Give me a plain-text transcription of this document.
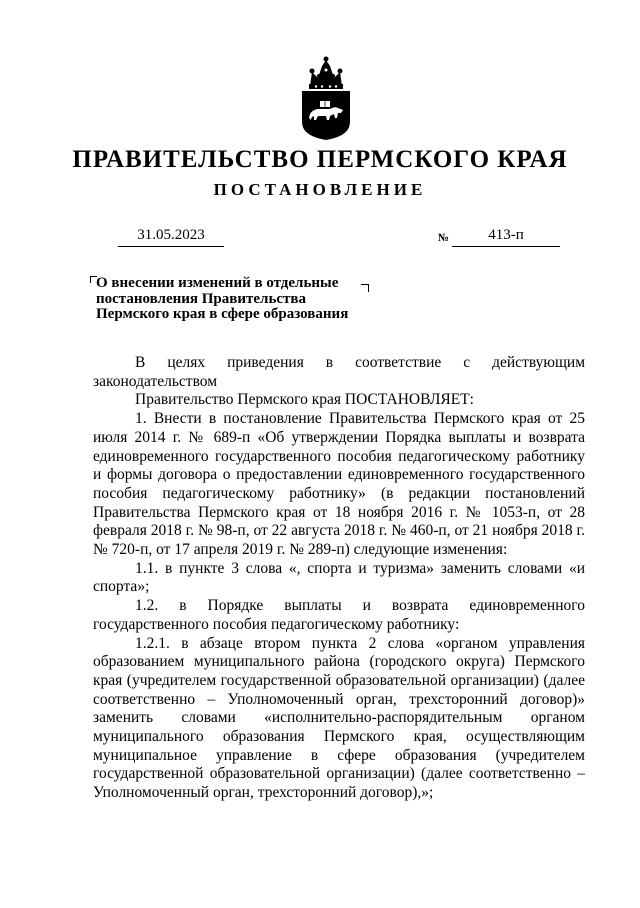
ПРАВИТЕЛЬСТВО ПЕРМСКОГО КРАЯ
ПОСТАНОВЛЕНИЕ
31.05.2023	№	413-п
О внесении изменений в отдельные
постановления Правительства
Пермского края в сфере образования

В целях приведения в соответствие с действующим законодательством

Правительство Пермского края ПОСТАНОВЛЯЕТ:

1. Внести в постановление Правительства Пермского края от 25 июля 2014 г. № 689-п «Об утверждении Порядка выплаты и возврата единовременного государственного пособия педагогическому работнику и формы договора о предоставлении единовременного государственного пособия педагогическому работнику» (в редакции постановлений Правительства Пермского края от 18 ноября 2016 г. № 1053-п, от 28 февраля 2018 г. № 98-п, от 22 августа 2018 г. № 460-п, от 21 ноября 2018 г. № 720-п, от 17 апреля 2019 г. № 289-п) следующие изменения:

1.1. в пункте 3 слова «, спорта и туризма» заменить словами «и спорта»;

1.2. в Порядке выплаты и возврата единовременного государственного пособия педагогическому работнику:

1.2.1. в абзаце втором пункта 2 слова «органом управления образованием муниципального района (городского округа) Пермского края (учредителем государственной образовательной организации) (далее соответственно – Уполномоченный орган, трехсторонний договор)» заменить словами «исполнительно-распорядительным органом муниципального образования Пермского края, осуществляющим муниципальное управление в сфере образования (учредителем государственной образовательной организации) (далее соответственно – Уполномоченный орган, трехсторонний договор),»;
